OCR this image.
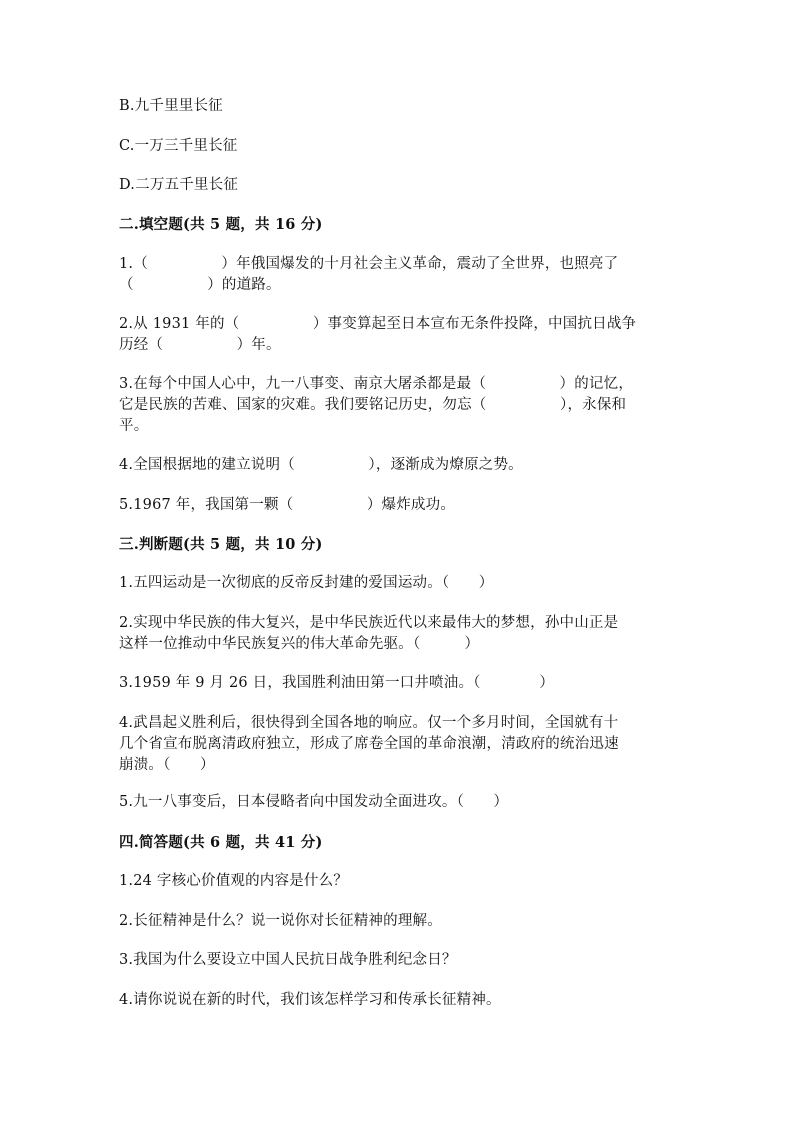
B.九千里里长征

C.一万三千里长征

D.二万五千里长征

二.填空题(共 5 题，共 16 分)

1.（　　　　　）年俄国爆发的十月社会主义革命，震动了全世界，也照亮了

（　　　　　）的道路。

2.从 1931 年的（　　　　　）事变算起至日本宣布无条件投降，中国抗日战争

历经（　　　　　）年。

3.在每个中国人心中，九一八事变、南京大屠杀都是最（　　　　　）的记忆，

它是民族的苦难、国家的灾难。我们要铭记历史，勿忘（　　　　　），永保和

平。

4.全国根据地的建立说明（　　　　　），逐渐成为燎原之势。

5.1967 年，我国第一颗（　　　　　）爆炸成功。

三.判断题(共 5 题，共 10 分)

1.五四运动是一次彻底的反帝反封建的爱国运动。（　　）

2.实现中华民族的伟大复兴，是中华民族近代以来最伟大的梦想，孙中山正是

这样一位推动中华民族复兴的伟大革命先驱。（　　　）

3.1959 年 9 月 26 日，我国胜利油田第一口井喷油。（　　　　）

4.武昌起义胜利后，很快得到全国各地的响应。仅一个多月时间，全国就有十

几个省宣布脱离清政府独立，形成了席卷全国的革命浪潮，清政府的统治迅速

崩溃。（　　）

5.九一八事变后，日本侵略者向中国发动全面进攻。（　　）

四.简答题(共 6 题，共 41 分)

1.24 字核心价值观的内容是什么？

2.长征精神是什么？说一说你对长征精神的理解。

3.我国为什么要设立中国人民抗日战争胜利纪念日？

4.请你说说在新的时代，我们该怎样学习和传承长征精神。
